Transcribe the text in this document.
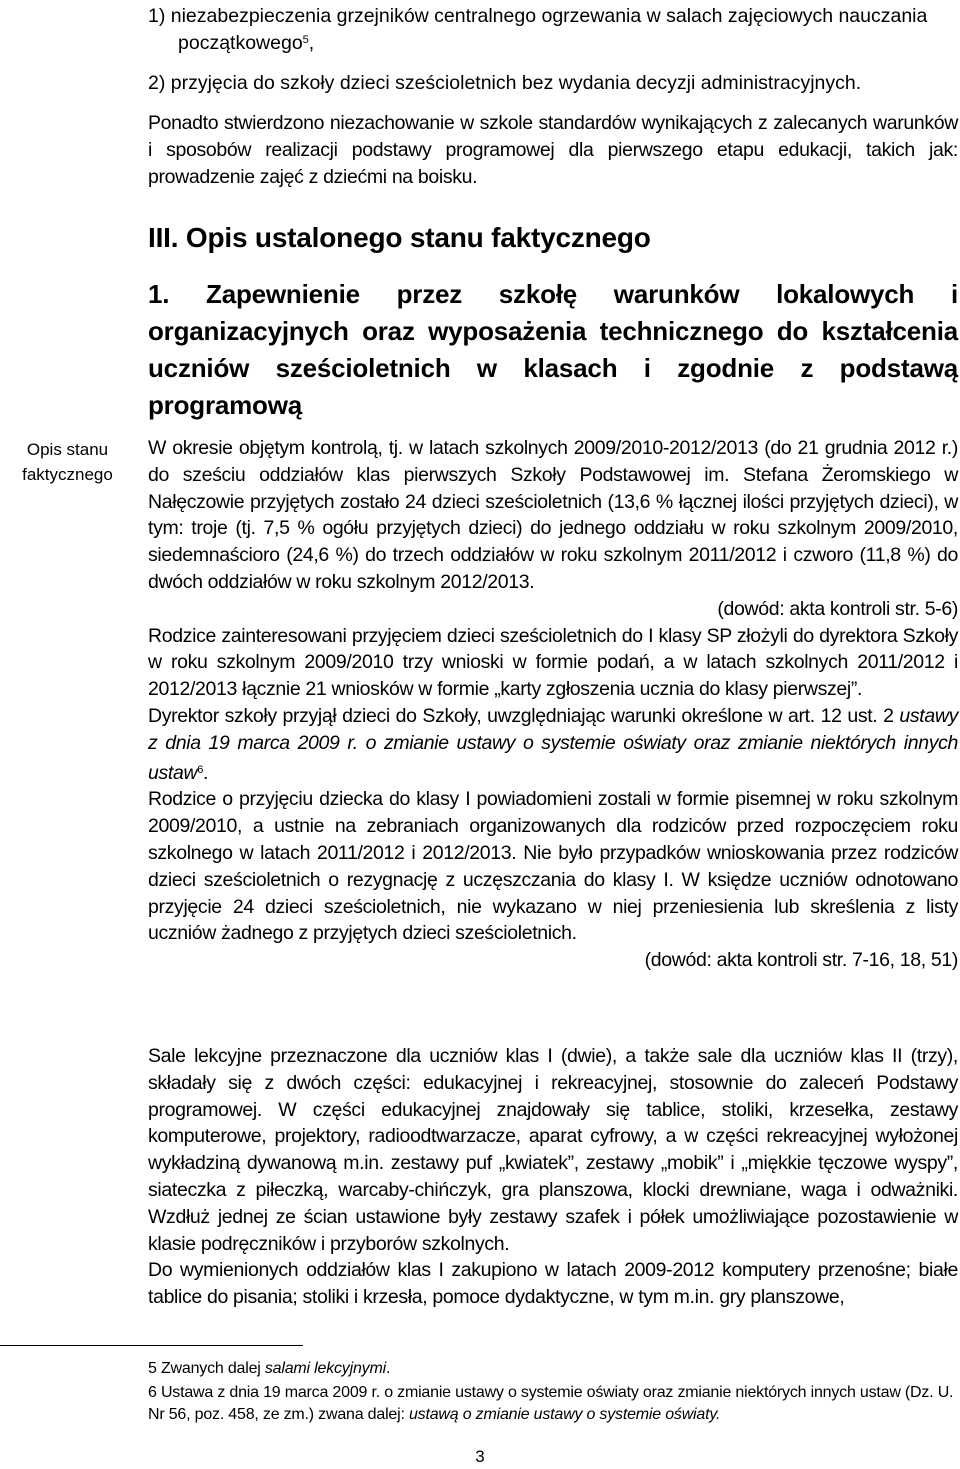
1) niezabezpieczenia grzejników centralnego ogrzewania w salach zajęciowych nauczania
początkowego$^5$,
2) przyjęcia do szkoły dzieci sześcioletnich bez wydania decyzji administracyjnych.

Ponadto stwierdzono niezachowanie w szkole standardów wynikających z zalecanych warunków i sposobów realizacji podstawy programowej dla pierwszego etapu edukacji, takich jak: prowadzenie zajęć z dziećmi na boisku.

III. Opis ustalonego stanu faktycznego
1. Zapewnienie przez szkołę warunków lokalowych i organizacyjnych oraz wyposażenia technicznego do kształcenia uczniów sześcioletnich w klasach i zgodnie z podstawą programową
Opis stanu
faktycznego

W okresie objętym kontrolą, tj. w latach szkolnych 2009/2010-2012/2013 (do 21 grudnia 2012 r.) do sześciu oddziałów klas pierwszych Szkoły Podstawowej im. Stefana Żeromskiego w Nałęczowie przyjętych zostało 24 dzieci sześcioletnich (13,6 % łącznej ilości przyjętych dzieci), w tym: troje (tj. 7,5 % ogółu przyjętych dzieci) do jednego oddziału w roku szkolnym 2009/2010, siedemnaścioro (24,6 %) do trzech oddziałów w roku szkolnym 2011/2012 i czworo (11,8 %) do dwóch oddziałów w roku szkolnym 2012/2013.

(dowód: akta kontroli str. 5-6)

Rodzice zainteresowani przyjęciem dzieci sześcioletnich do I klasy SP złożyli do dyrektora Szkoły w roku szkolnym 2009/2010 trzy wnioski w formie podań, a w latach szkolnych 2011/2012 i 2012/2013 łącznie 21 wniosków w formie „karty zgłoszenia ucznia do klasy pierwszej”.

Dyrektor szkoły przyjął dzieci do Szkoły, uwzględniając warunki określone w art. 12 ust. 2 ustawy z dnia 19 marca 2009 r. o zmianie ustawy o systemie oświaty oraz zmianie niektórych innych ustaw$^6$.

Rodzice o przyjęciu dziecka do klasy I powiadomieni zostali w formie pisemnej w roku szkolnym 2009/2010, a ustnie na zebraniach organizowanych dla rodziców przed rozpoczęciem roku szkolnego w latach 2011/2012 i 2012/2013. Nie było przypadków wnioskowania przez rodziców dzieci sześcioletnich o rezygnację z uczęszczania do klasy I. W księdze uczniów odnotowano przyjęcie 24 dzieci sześcioletnich, nie wykazano w niej przeniesienia lub skreślenia z listy uczniów żadnego z przyjętych dzieci sześcioletnich.

(dowód: akta kontroli str. 7-16, 18, 51)

Sale lekcyjne przeznaczone dla uczniów klas I (dwie), a także sale dla uczniów klas II (trzy), składały się z dwóch części: edukacyjnej i rekreacyjnej, stosownie do zaleceń Podstawy programowej. W części edukacyjnej znajdowały się tablice, stoliki, krzesełka, zestawy komputerowe, projektory, radioodtwarzacze, aparat cyfrowy, a w części rekreacyjnej wyłożonej wykładziną dywanową m.in. zestawy puf „kwiatek”, zestawy „mobik” i „miękkie tęczowe wyspy”, siateczka z piłeczką, warcaby-chińczyk, gra planszowa, klocki drewniane, waga i odważniki. Wzdłuż jednej ze ścian ustawione były zestawy szafek i półek umożliwiające pozostawienie w klasie podręczników i przyborów szkolnych.

Do wymienionych oddziałów klas I zakupiono w latach 2009-2012 komputery przenośne; białe tablice do pisania; stoliki i krzesła, pomoce dydaktyczne, w tym m.in. gry planszowe,

5 Zwanych dalej salami lekcyjnymi.
6 Ustawa z dnia 19 marca 2009 r. o zmianie ustawy o systemie oświaty oraz zmianie niektórych innych ustaw (Dz. U. Nr 56, poz. 458, ze zm.) zwana dalej: ustawą o zmianie ustawy o systemie oświaty.
3
